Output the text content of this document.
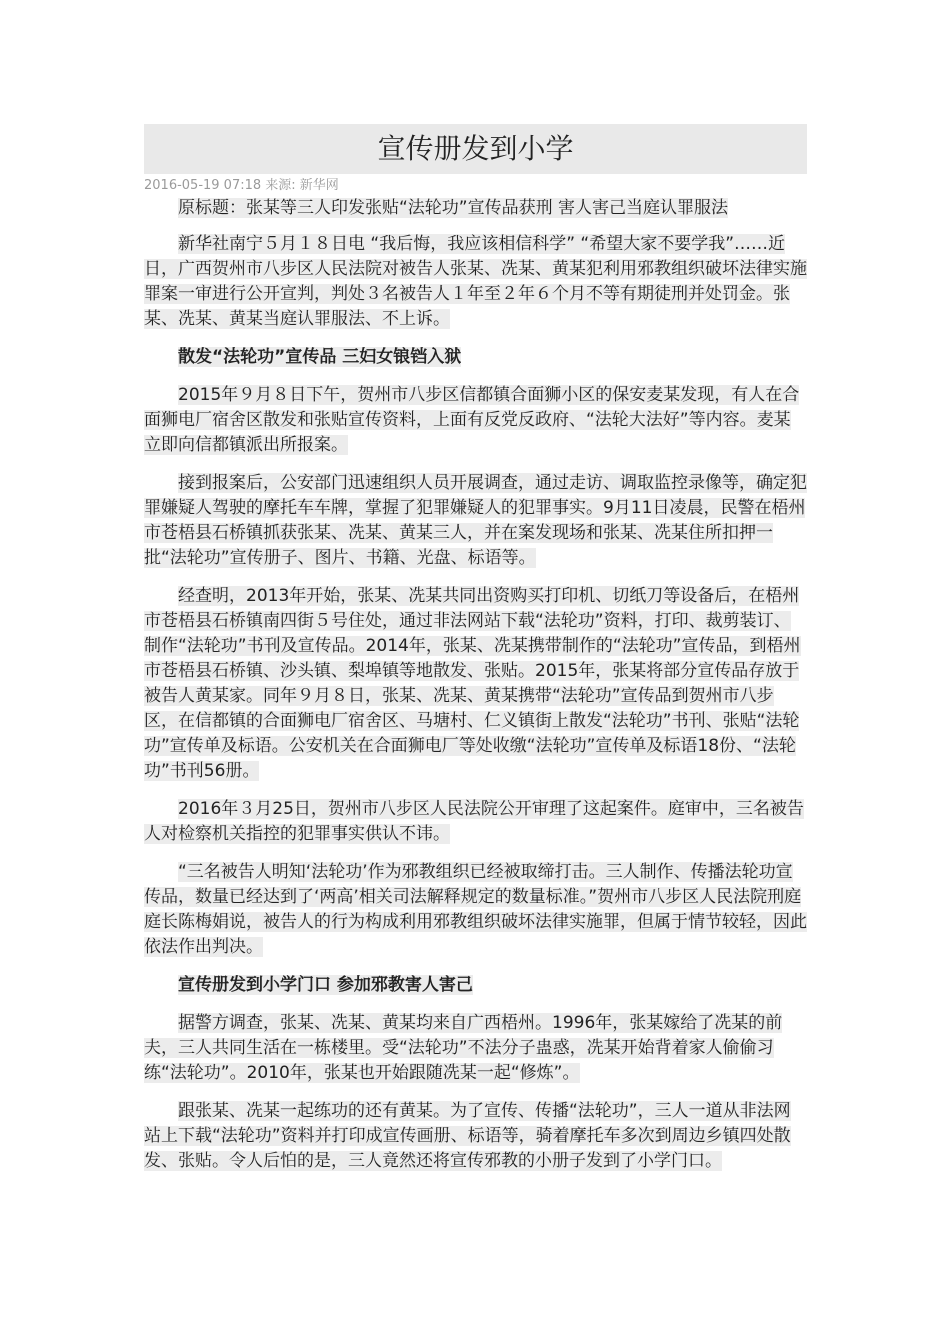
宣传册发到小学
2016-05-19 07:18 来源: 新华网

原标题：张某等三人印发张贴“法轮功”宣传品获刑 害人害己当庭认罪服法

新华社南宁５月１８日电 “我后悔，我应该相信科学” “希望大家不要学我”……近日，广西贺州市八步区人民法院对被告人张某、冼某、黄某犯利用邪教组织破坏法律实施罪案一审进行公开宣判，判处３名被告人１年至２年６个月不等有期徒刑并处罚金。张某、冼某、黄某当庭认罪服法、不上诉。

散发“法轮功”宣传品 三妇女锒铛入狱

2015年９月８日下午，贺州市八步区信都镇合面狮小区的保安麦某发现，有人在合面狮电厂宿舍区散发和张贴宣传资料，上面有反党反政府、“法轮大法好”等内容。麦某立即向信都镇派出所报案。

接到报案后，公安部门迅速组织人员开展调查，通过走访、调取监控录像等，确定犯罪嫌疑人驾驶的摩托车车牌，掌握了犯罪嫌疑人的犯罪事实。9月11日凌晨，民警在梧州市苍梧县石桥镇抓获张某、冼某、黄某三人，并在案发现场和张某、冼某住所扣押一批“法轮功”宣传册子、图片、书籍、光盘、标语等。

经查明，2013年开始，张某、冼某共同出资购买打印机、切纸刀等设备后，在梧州市苍梧县石桥镇南四街５号住处，通过非法网站下载“法轮功”资料，打印、裁剪装订、制作“法轮功”书刊及宣传品。2014年，张某、冼某携带制作的“法轮功”宣传品，到梧州市苍梧县石桥镇、沙头镇、梨埠镇等地散发、张贴。2015年，张某将部分宣传品存放于被告人黄某家。同年９月８日，张某、冼某、黄某携带“法轮功”宣传品到贺州市八步区，在信都镇的合面狮电厂宿舍区、马塘村、仁义镇街上散发“法轮功”书刊、张贴“法轮功”宣传单及标语。公安机关在合面狮电厂等处收缴“法轮功”宣传单及标语18份、“法轮功”书刊56册。

2016年３月25日，贺州市八步区人民法院公开审理了这起案件。庭审中，三名被告人对检察机关指控的犯罪事实供认不讳。

“三名被告人明知‘法轮功’作为邪教组织已经被取缔打击。三人制作、传播法轮功宣传品，数量已经达到了‘两高’相关司法解释规定的数量标准。”贺州市八步区人民法院刑庭庭长陈梅娟说，被告人的行为构成利用邪教组织破坏法律实施罪，但属于情节较轻，因此依法作出判决。

宣传册发到小学门口 参加邪教害人害己

据警方调查，张某、冼某、黄某均来自广西梧州。1996年，张某嫁给了冼某的前夫，三人共同生活在一栋楼里。受“法轮功”不法分子蛊惑，冼某开始背着家人偷偷习练“法轮功”。2010年，张某也开始跟随冼某一起“修炼”。

跟张某、冼某一起练功的还有黄某。为了宣传、传播“法轮功”，三人一道从非法网站上下载“法轮功”资料并打印成宣传画册、标语等，骑着摩托车多次到周边乡镇四处散发、张贴。令人后怕的是，三人竟然还将宣传邪教的小册子发到了小学门口。
